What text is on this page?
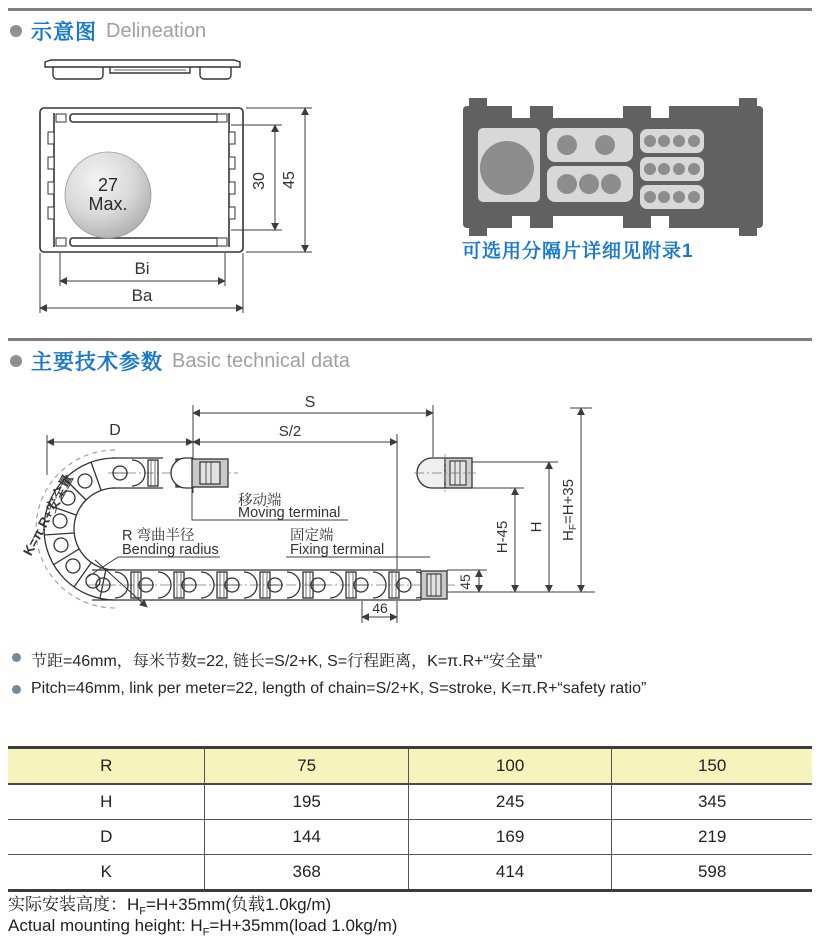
示意图 Delineation
27
Max.
30 45
Bi
Ba
可选用分隔片详细见附录1
主要技术参数 Basic technical data
S
S/2
D
K=π.R+安全量	移动端
Moving terminal
R 弯曲半径
Bending radius
固定端
Fixing terminal
46
45
H-45 H
$H_F=H+35$
节距=46mm，每米节数=22, 链长=S/2+K, S=行程距离，K=π.R+“安全量”
Pitch=46mm, link per meter=22, length of chain=S/2+K, S=stroke, K=π.R+“safety ratio”
R	75	100	150
H	195	245	345
D	144	169	219
K	368	414	598
实际安装高度：$H_F=H+35mm$(负载1.0kg/m)
Actual mounting height: $H_F=H+35mm(load$ 1.0kg/m)
